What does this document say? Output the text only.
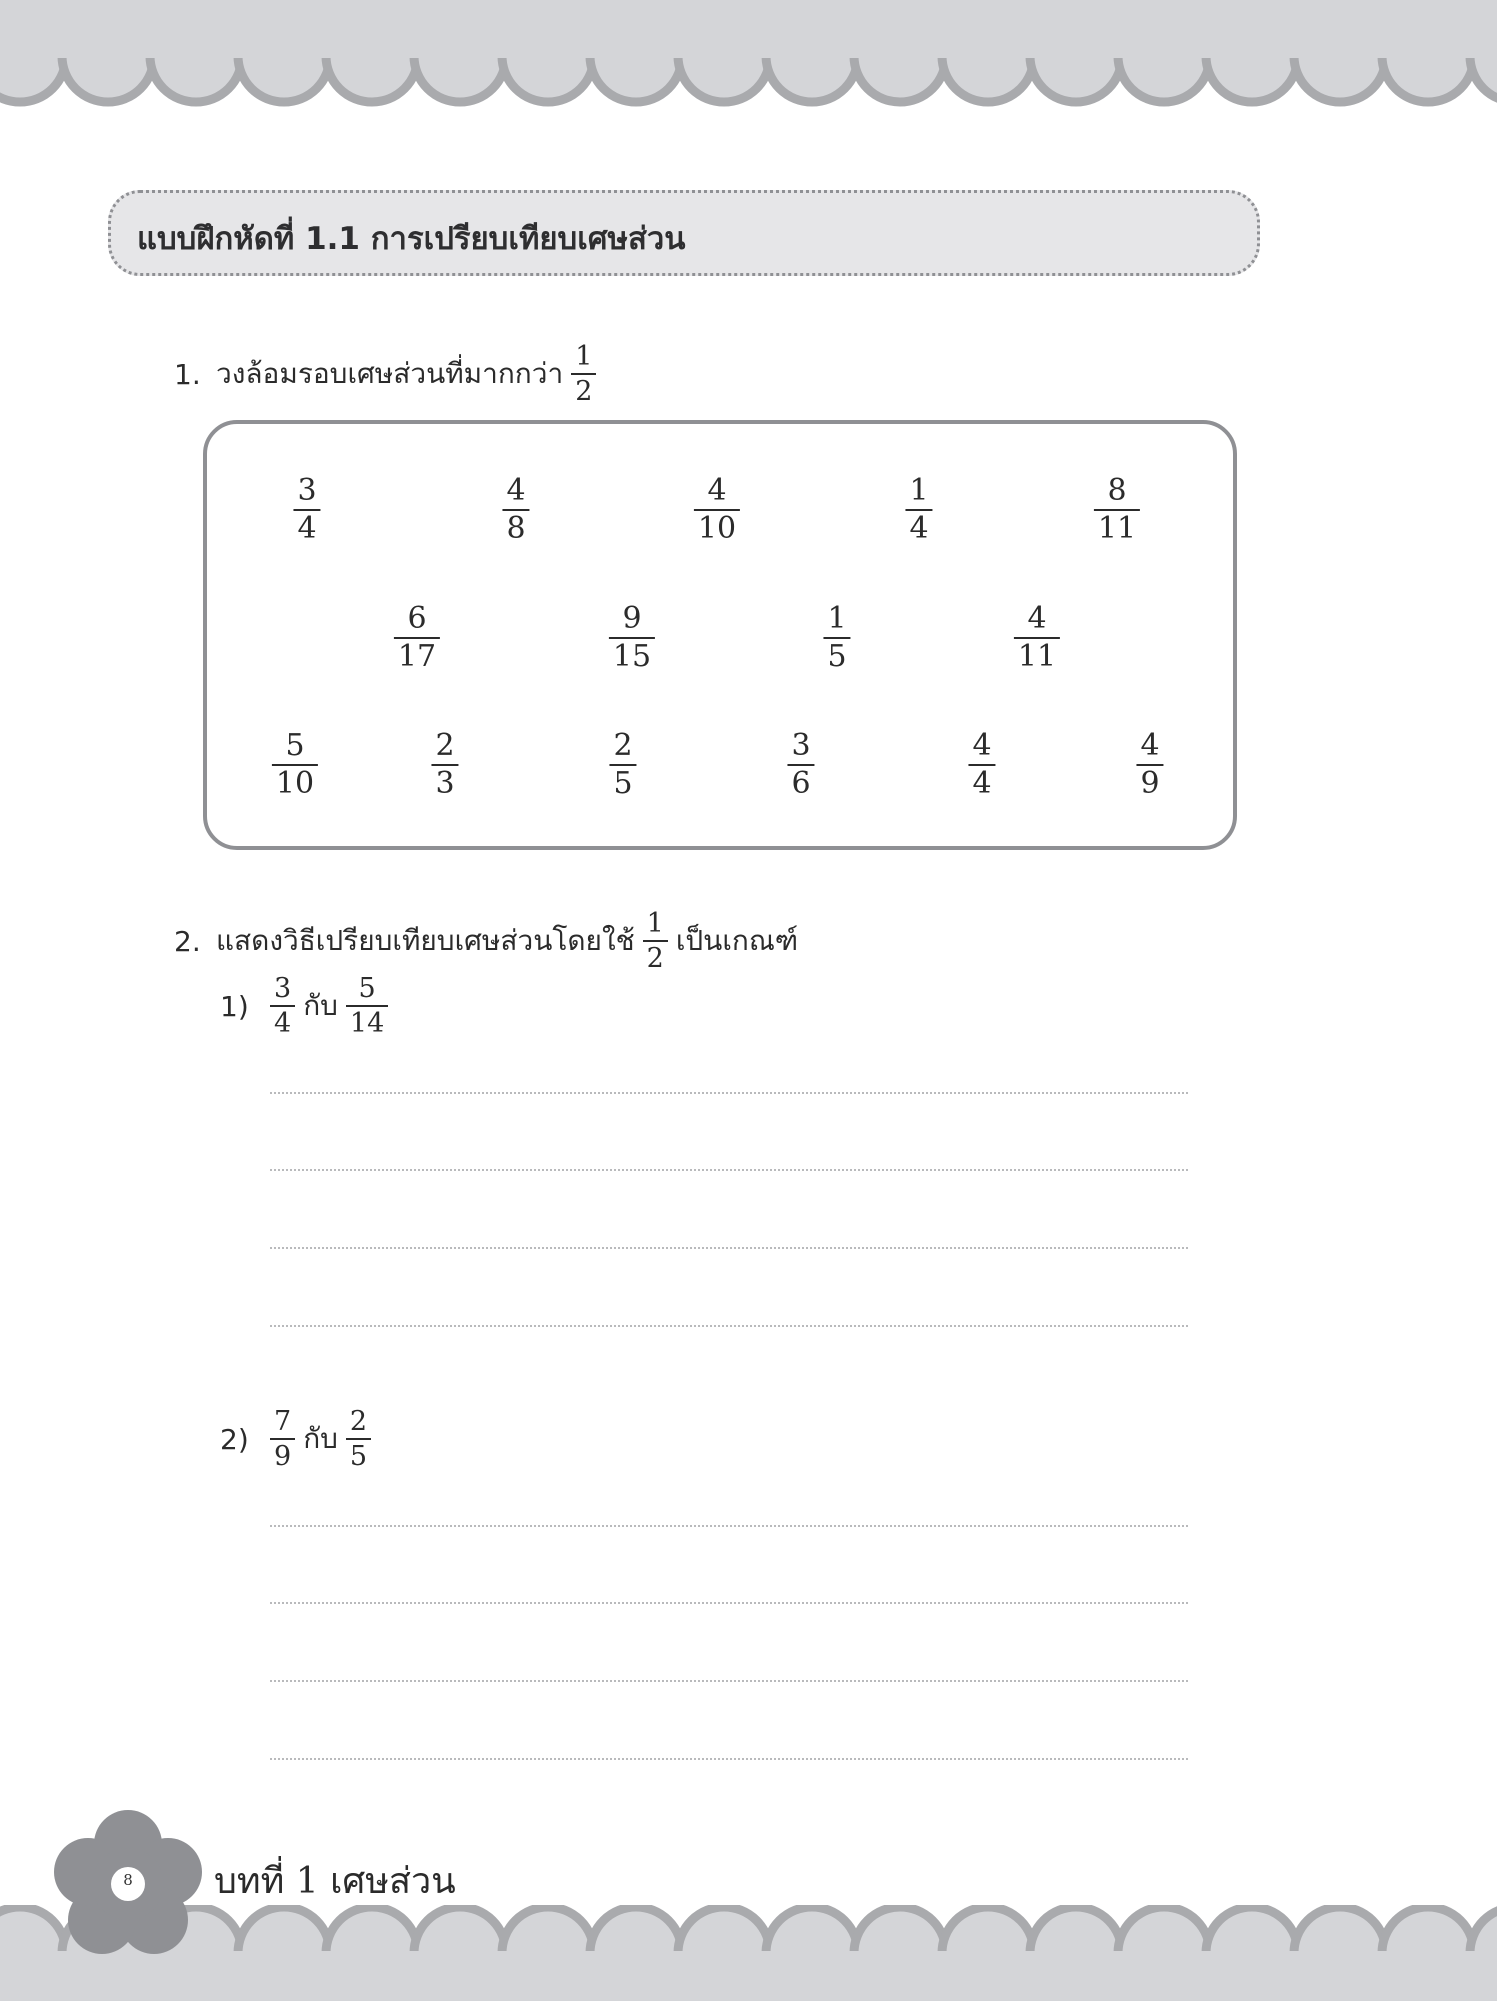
แบบฝึกหัดที่ 1.1 การเปรียบเทียบเศษส่วน
1. วงล้อมรอบเศษส่วนที่มากกว่า $\frac{1}{2}$
3
4
4
8
4
10
1
4
8
11
6
17
9
15
1
5
4
11
5
10
2
3
2
5
3
6
4
4
4
9
2. แสดงวิธีเปรียบเทียบเศษส่วนโดยใช้ $\frac{1}{2}$ เป็นเกณฑ์
$1) \frac{3}{4}$ กับ $\frac{5}{14}$
$2) \frac{7}{9}$ กับ $\frac{2}{5}$
8	บทที่ 1 เศษส่วน
